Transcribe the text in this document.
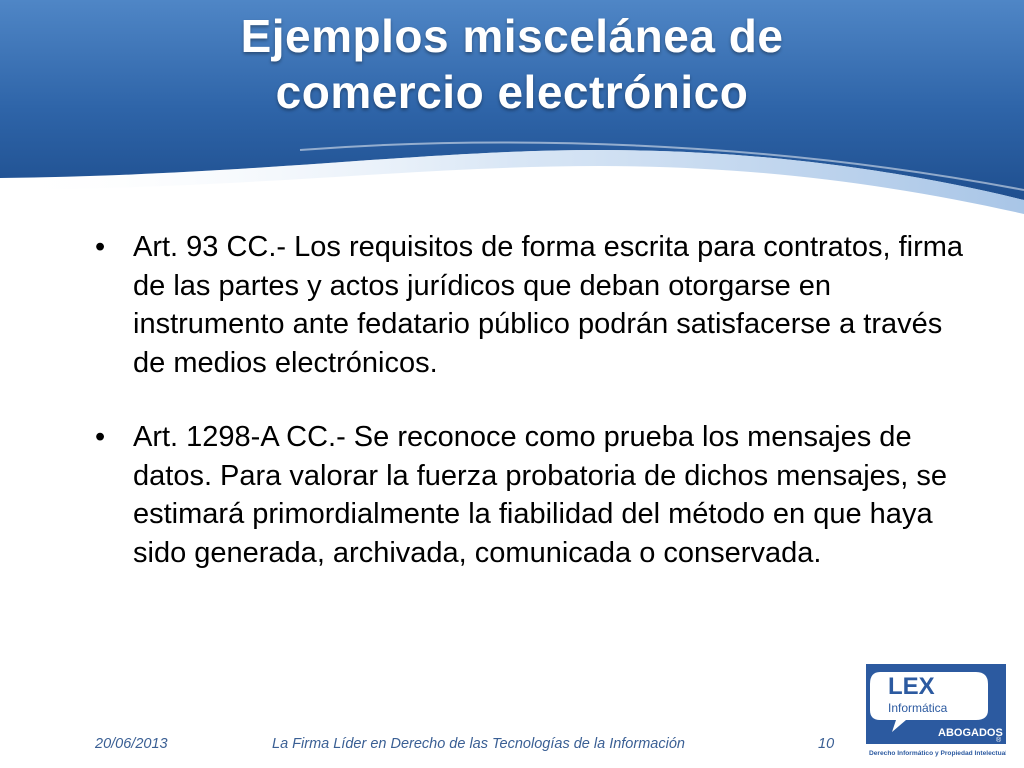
Ejemplos miscelánea de
comercio electrónico
• Art. 93 CC.- Los requisitos de forma escrita para contratos, firma de las partes y actos jurídicos que deban otorgarse en instrumento ante fedatario público podrán satisfacerse a través de medios electrónicos.
• Art. 1298-A CC.- Se reconoce como prueba los mensajes de datos. Para valorar la fuerza probatoria de dichos mensajes, se estimará primordialmente la fiabilidad del método en que haya sido generada, archivada, comunicada o conservada.
20/06/2013	La Firma Líder en Derecho de las Tecnologías de la Información	10
LEX
Informática
ABOGADOS
®
Derecho Informático y Propiedad Intelectual
